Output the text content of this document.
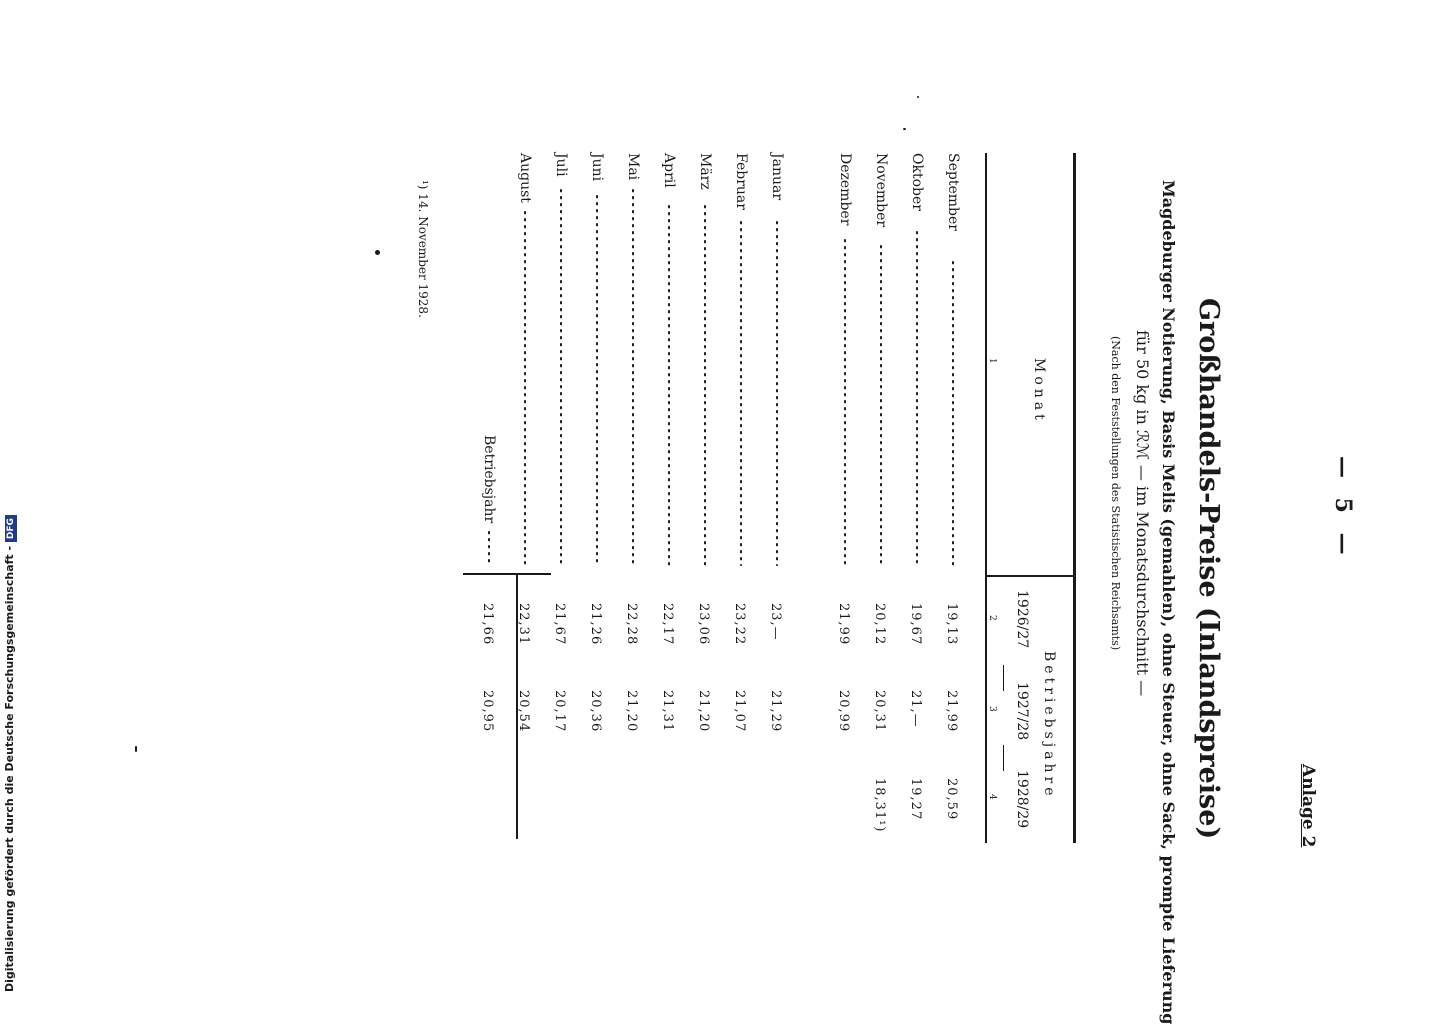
— 5 —
Anlage 2
Großhandels-Preise (Inlandspreise)
Magdeburger Notierung, Basis Melis (gemahlen), ohne Steuer, ohne Sack, prompte Lieferung
für 50 kg in ℛℳ — im Monatsdurchschnitt —
(Nach den Feststellungen des Statistischen Reichsamts)
Monat
1
Betriebsjahre
1926/27
1927/28
1928/29
2
3
4
September
19,13
21,99
20,59
Oktober
19,67
21,—
19,27
November
20,12
20,31
18,31¹)
Dezember
21,99
20,99
Januar
23,—
21,29
Februar
23,22
21,07
März
23,06
21,20
April
22,17
21,31
Mai
22,28
21,20
Juni
21,26
20,36
Juli
21,67
20,17
August
22,31
20,54
Betriebsjahr
21,66
20,95
¹) 14. November 1928.
Digitalisierung gefördert durch die Deutsche Forschungsgemeinschaft - DFG
